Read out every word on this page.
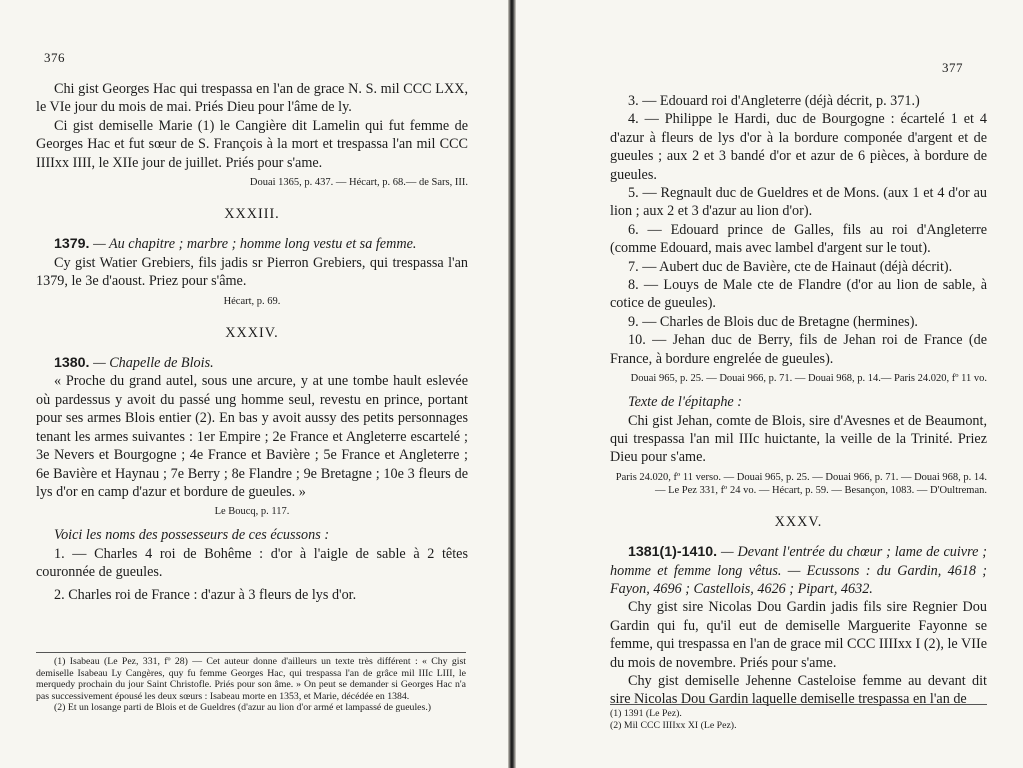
376

Chi gist Georges Hac qui trespassa en l'an de grace N. S. mil CCC LXX, le VIe jour du mois de mai. Priés Dieu pour l'âme de ly.

Ci gist demiselle Marie (1) le Cangière dit Lamelin qui fut femme de Georges Hac et fut sœur de S. François à la mort et trespassa l'an mil CCC IIIIxx IIII, le XIIe jour de juillet. Priés pour s'ame.

Douai 1365, p. 437. — Hécart, p. 68.— de Sars, III.

XXXIII.

1379. — Au chapitre ; marbre ; homme long vestu et sa femme.

Cy gist Watier Grebiers, fils jadis sr Pierron Grebiers, qui trespassa l'an 1379, le 3e d'aoust. Priez pour s'âme.

Hécart, p. 69.

XXXIV.

1380. — Chapelle de Blois.

« Proche du grand autel, sous une arcure, y at une tombe hault eslevée où pardessus y avoit du passé ung homme seul, revestu en prince, portant pour ses armes Blois entier (2). En bas y avoit aussy des petits personnages tenant les armes suivantes : 1er Empire ; 2e France et Angleterre escartelé ; 3e Nevers et Bourgogne ; 4e France et Bavière ; 5e France et Angleterre ; 6e Bavière et Haynau ; 7e Berry ; 8e Flandre ; 9e Bretagne ; 10e 3 fleurs de lys d'or en camp d'azur et bordure de gueules. »

Le Boucq, p. 117.

Voici les noms des possesseurs de ces écussons :

1. — Charles 4 roi de Bohême : d'or à l'aigle de sable à 2 têtes couronnée de gueules.

2. Charles roi de France : d'azur à 3 fleurs de lys d'or.

(1) Isabeau (Le Pez, 331, fº 28) — Cet auteur donne d'ailleurs un texte très différent : « Chy gist demiselle Isabeau Ly Cangères, quy fu femme Georges Hac, qui trespassa l'an de grâce mil IIIc LIII, le merquedy prochain du jour Saint Christofle. Priés pour son âme. » On peut se demander si Georges Hac n'a pas successivement épousé les deux sœurs : Isabeau morte en 1353, et Marie, décédée en 1384.

(2) Et un losange parti de Blois et de Gueldres (d'azur au lion d'or armé et lampassé de gueules.)

377

3. — Edouard roi d'Angleterre (déjà décrit, p. 371.)

4. — Philippe le Hardi, duc de Bourgogne : écartelé 1 et 4 d'azur à fleurs de lys d'or à la bordure componée d'argent et de gueules ; aux 2 et 3 bandé d'or et azur de 6 pièces, à bordure de gueules.

5. — Regnault duc de Gueldres et de Mons. (aux 1 et 4 d'or au lion ; aux 2 et 3 d'azur au lion d'or).

6. — Edouard prince de Galles, fils au roi d'Angleterre (comme Edouard, mais avec lambel d'argent sur le tout).

7. — Aubert duc de Bavière, cte de Hainaut (déjà décrit).

8. — Louys de Male cte de Flandre (d'or au lion de sable, à cotice de gueules).

9. — Charles de Blois duc de Bretagne (hermines).

10. — Jehan duc de Berry, fils de Jehan roi de France (de France, à bordure engrelée de gueules).

Douai 965, p. 25. — Douai 966, p. 71. — Douai 968, p. 14.— Paris 24.020, fº 11 vo.

Texte de l'épitaphe :

Chi gist Jehan, comte de Blois, sire d'Avesnes et de Beaumont, qui trespassa l'an mil IIIc huictante, la veille de la Trinité. Priez Dieu pour s'ame.

Paris 24.020, fº 11 verso. — Douai 965, p. 25. — Douai 966, p. 71. — Douai 968, p. 14. — Le Pez 331, fº 24 vo. — Hécart, p. 59. — Besançon, 1083. — D'Oultreman.

XXXV.

1381(1)-1410. — Devant l'entrée du chœur ; lame de cuivre ; homme et femme long vêtus. — Ecussons : du Gardin, 4618 ; Fayon, 4696 ; Castellois, 4626 ; Pipart, 4632.

Chy gist sire Nicolas Dou Gardin jadis fils sire Regnier Dou Gardin qui fu, qu'il eut de demiselle Marguerite Fayonne se femme, qui trespassa en l'an de grace mil CCC IIIIxx I (2), le VIIe du mois de novembre. Priés pour s'ame.

Chy gist demiselle Jehenne Casteloise femme au devant dit sire Nicolas Dou Gardin laquelle demiselle trespassa en l'an de

(1) 1391 (Le Pez).

(2) Mil CCC IIIIxx XI (Le Pez).
